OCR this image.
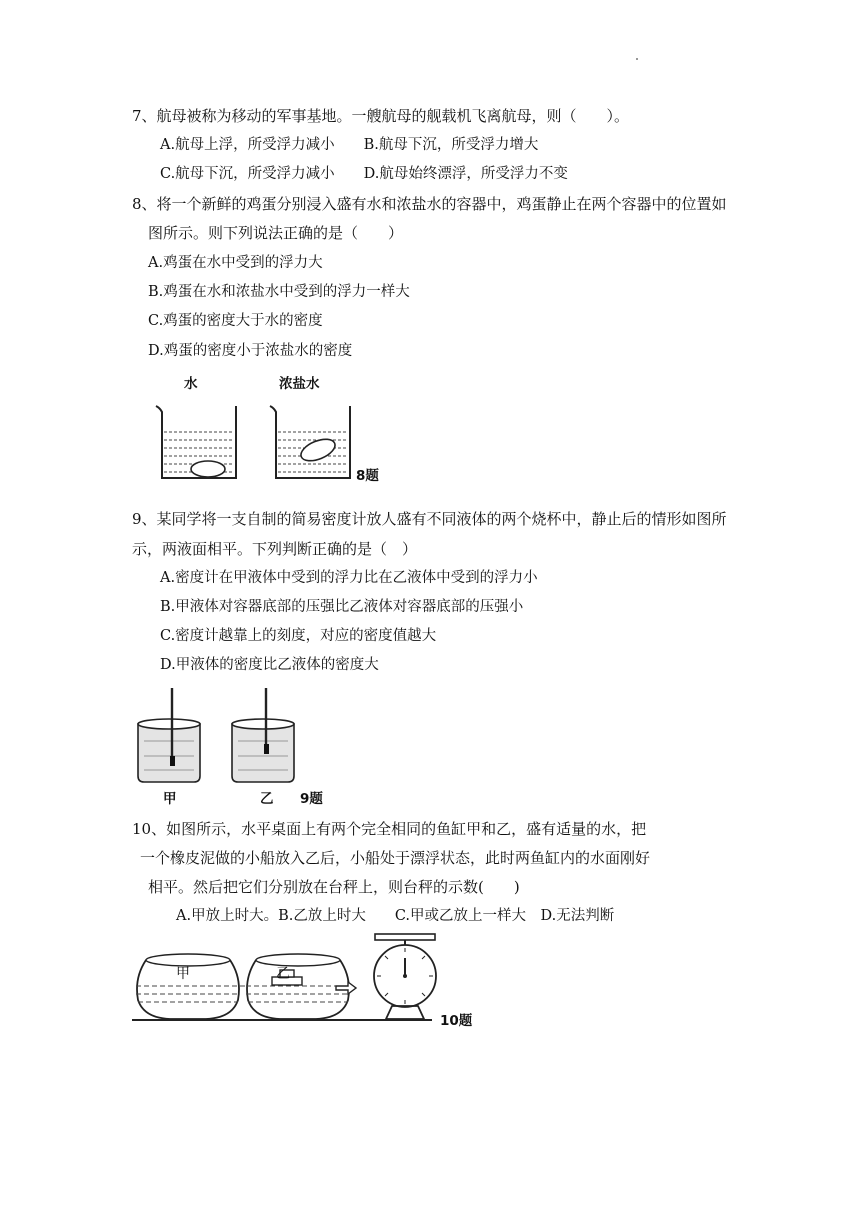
7、航母被称为移动的军事基地。一艘航母的舰载机飞离航母，则（　　）。
A.航母上浮，所受浮力减小　　B.航母下沉，所受浮力增大
C.航母下沉，所受浮力减小　　D.航母始终漂浮，所受浮力不变
8、将一个新鲜的鸡蛋分别浸入盛有水和浓盐水的容器中，鸡蛋静止在两个容器中的位置如
图所示。则下列说法正确的是（　　）
A.鸡蛋在水中受到的浮力大
B.鸡蛋在水和浓盐水中受到的浮力一样大
C.鸡蛋的密度大于水的密度
D.鸡蛋的密度小于浓盐水的密度
水	浓盐水
8题
9、某同学将一支自制的简易密度计放人盛有不同液体的两个烧杯中，静止后的情形如图所
示，两液面相平。下列判断正确的是（　）
A.密度计在甲液体中受到的浮力比在乙液体中受到的浮力小
B.甲液体对容器底部的压强比乙液体对容器底部的压强小
C.密度计越靠上的刻度，对应的密度值越大
D.甲液体的密度比乙液体的密度大
甲	乙 9题
10、如图所示，水平桌面上有两个完全相同的鱼缸甲和乙，盛有适量的水，把
一个橡皮泥做的小船放入乙后，小船处于漂浮状态，此时两鱼缸内的水面刚好
相平。然后把它们分别放在台秤上，则台秤的示数(　　)
A.甲放上时大。B.乙放上时大　　C.甲或乙放上一样大　D.无法判断
甲	乙
10题
